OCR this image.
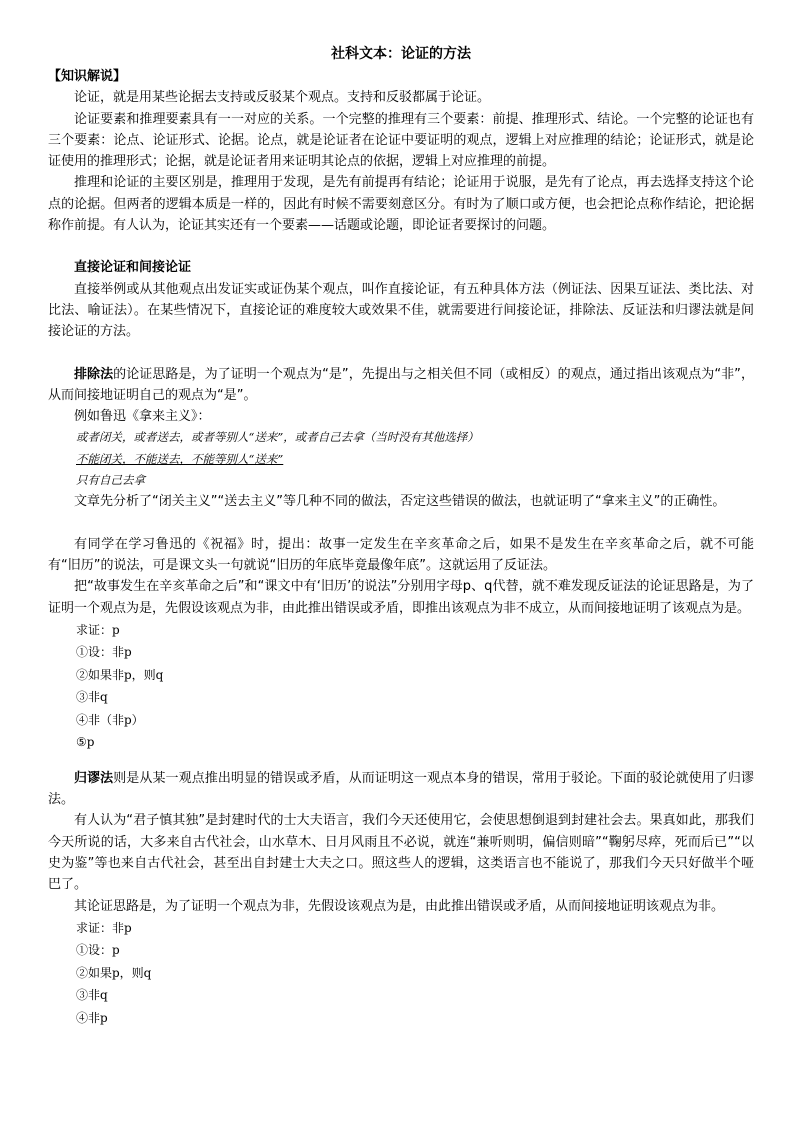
社科文本：论证的方法

【知识解说】

论证，就是用某些论据去支持或反驳某个观点。支持和反驳都属于论证。

论证要素和推理要素具有一一对应的关系。一个完整的推理有三个要素：前提、推理形式、结论。一个完整的论证也有三个要素：论点、论证形式、论据。论点，就是论证者在论证中要证明的观点，逻辑上对应推理的结论；论证形式，就是论证使用的推理形式；论据，就是论证者用来证明其论点的依据，逻辑上对应推理的前提。

推理和论证的主要区别是，推理用于发现，是先有前提再有结论；论证用于说服，是先有了论点，再去选择支持这个论点的论据。但两者的逻辑本质是一样的，因此有时候不需要刻意区分。有时为了顺口或方便，也会把论点称作结论，把论据称作前提。有人认为，论证其实还有一个要素——话题或论题，即论证者要探讨的问题。

直接论证和间接论证

直接举例或从其他观点出发证实或证伪某个观点，叫作直接论证，有五种具体方法（例证法、因果互证法、类比法、对比法、喻证法）。在某些情况下，直接论证的难度较大或效果不佳，就需要进行间接论证，排除法、反证法和归谬法就是间接论证的方法。

排除法的论证思路是，为了证明一个观点为“是”，先提出与之相关但不同（或相反）的观点，通过指出该观点为“非”，从而间接地证明自己的观点为“是”。

例如鲁迅《拿来主义》：

或者闭关，或者送去，或者等别人“送来”，或者自己去拿（当时没有其他选择）

不能闭关，不能送去，不能等别人“送来”

只有自己去拿

文章先分析了“闭关主义”“送去主义”等几种不同的做法，否定这些错误的做法，也就证明了“拿来主义”的正确性。

有同学在学习鲁迅的《祝福》时，提出：故事一定发生在辛亥革命之后，如果不是发生在辛亥革命之后，就不可能有“旧历”的说法，可是课文头一句就说“旧历的年底毕竟最像年底”。这就运用了反证法。

把“故事发生在辛亥革命之后”和“课文中有‘旧历’的说法”分别用字母p、q代替，就不难发现反证法的论证思路是，为了证明一个观点为是，先假设该观点为非，由此推出错误或矛盾，即推出该观点为非不成立，从而间接地证明了该观点为是。

求证：p

①设：非p

②如果非p，则q

③非q

④非（非p）

⑤p

归谬法则是从某一观点推出明显的错误或矛盾，从而证明这一观点本身的错误，常用于驳论。下面的驳论就使用了归谬法。

有人认为“君子慎其独”是封建时代的士大夫语言，我们今天还使用它，会使思想倒退到封建社会去。果真如此，那我们今天所说的话，大多来自古代社会，山水草木、日月风雨且不必说，就连“兼听则明，偏信则暗”“鞠躬尽瘁，死而后已”“以史为鉴”等也来自古代社会，甚至出自封建士大夫之口。照这些人的逻辑，这类语言也不能说了，那我们今天只好做半个哑巴了。

其论证思路是，为了证明一个观点为非，先假设该观点为是，由此推出错误或矛盾，从而间接地证明该观点为非。

求证：非p

①设：p

②如果p，则q

③非q

④非p
